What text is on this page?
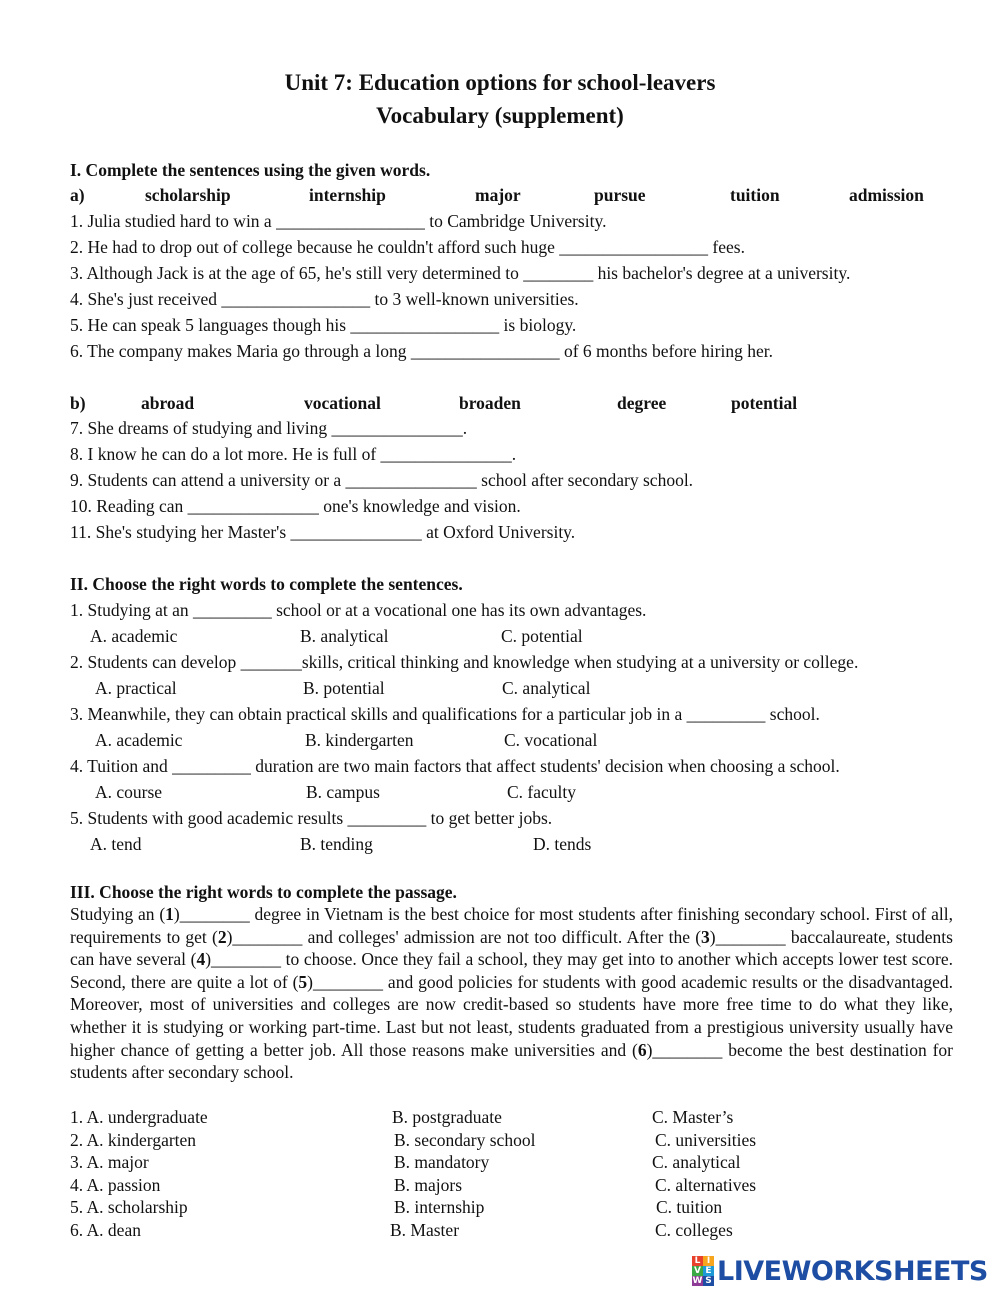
Unit 7: Education options for school-leavers
Vocabulary (supplement)
I. Complete the sentences using the given words.
a)	scholarship	internship	major	pursue	tuition	admission
1. Julia studied hard to win a _________________ to Cambridge University.
2. He had to drop out of college because he couldn't afford such huge _________________ fees.
3. Although Jack is at the age of 65, he's still very determined to ________ his bachelor's degree at a university.
4. She's just received _________________ to 3 well-known universities.
5. He can speak 5 languages though his _________________ is biology.
6. The company makes Maria go through a long _________________ of 6 months before hiring her.
b)	abroad	vocational	broaden	degree	potential
7. She dreams of studying and living _______________.
8. I know he can do a lot more. He is full of _______________.
9. Students can attend a university or a _______________ school after secondary school.
10. Reading can _______________ one's knowledge and vision.
11. She's studying her Master's _______________ at Oxford University.
II. Choose the right words to complete the sentences.
1. Studying at an _________ school or at a vocational one has its own advantages.
A. academic	B. analytical	C. potential
2. Students can develop _______skills, critical thinking and knowledge when studying at a university or college.
A. practical	B. potential	C. analytical
3. Meanwhile, they can obtain practical skills and qualifications for a particular job in a _________ school.
A. academic	B. kindergarten	C. vocational
4. Tuition and _________ duration are two main factors that affect students' decision when choosing a school.
A. course	B. campus	C. faculty
5. Students with good academic results _________ to get better jobs.
A. tend	B. tending	D. tends
III. Choose the right words to complete the passage.
Studying an (1)________ degree in Vietnam is the best choice for most students after finishing secondary school. First of all, requirements to get (2)________ and colleges' admission are not too difficult. After the (3)________ baccalaureate, students can have several (4)________ to choose. Once they fail a school, they may get into to another which accepts lower test score. Second, there are quite a lot of (5)________ and good policies for students with good academic results or the disadvantaged. Moreover, most of universities and colleges are now credit-based so students have more free time to do what they like, whether it is studying or working part-time. Last but not least, students graduated from a prestigious university usually have higher chance of getting a better job. All those reasons make universities and (6)________ become the best destination for students after secondary school.
1. A. undergraduate	B. postgraduate	C. Master’s
2. A. kindergarten	B. secondary school	C. universities
3. A. major	B. mandatory	C. analytical
4. A. passion	B. majors	C. alternatives
5. A. scholarship	B. internship	C. tuition
6. A. dean	B. Master	C. colleges
L I
V E
W S LIVEWORKSHEETS
